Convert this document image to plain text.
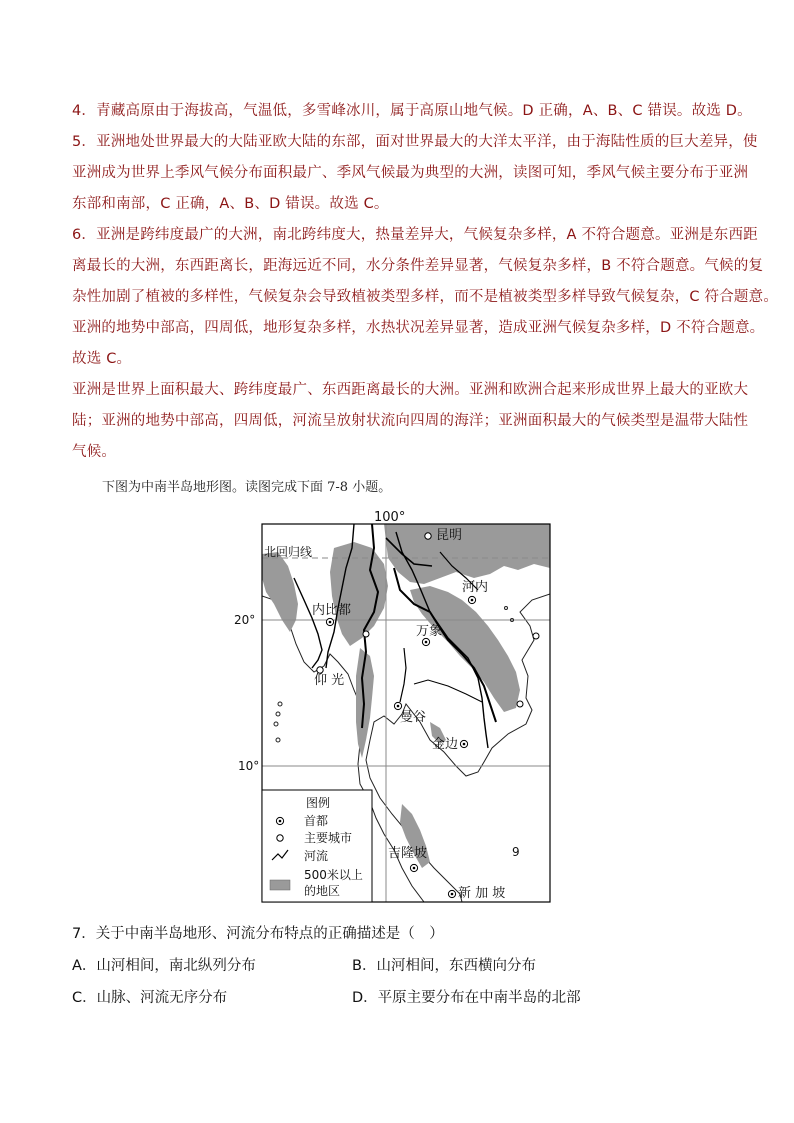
4．青藏高原由于海拔高，气温低，多雪峰冰川，属于高原山地气候。D 正确，A、B、C 错误。故选 D。
5．亚洲地处世界最大的大陆亚欧大陆的东部，面对世界最大的大洋太平洋，由于海陆性质的巨大差异，使
亚洲成为世界上季风气候分布面积最广、季风气候最为典型的大洲，读图可知，季风气候主要分布于亚洲
东部和南部，C 正确，A、B、D 错误。故选 C。
6．亚洲是跨纬度最广的大洲，南北跨纬度大，热量差异大，气候复杂多样，A 不符合题意。亚洲是东西距
离最长的大洲，东西距离长，距海远近不同，水分条件差异显著，气候复杂多样，B 不符合题意。气候的复
杂性加剧了植被的多样性，气候复杂会导致植被类型多样，而不是植被类型多样导致气候复杂，C 符合题意。
亚洲的地势中部高，四周低，地形复杂多样，水热状况差异显著，造成亚洲气候复杂多样，D 不符合题意。
故选 C。
亚洲是世界上面积最大、跨纬度最广、东西距离最长的大洲。亚洲和欧洲合起来形成世界上最大的亚欧大
陆；亚洲的地势中部高，四周低，河流呈放射状流向四周的海洋；亚洲面积最大的气候类型是温带大陆性
气候。
下图为中南半岛地形图。读图完成下面 7-8 小题。
100°
北回归线
20°
10°
昆明
河内
内比都
万象
仰 光
曼谷
金边
吉隆坡
新 加 坡
9
图例
首都
主要城市
河流
500米以上
的地区
7．关于中南半岛地形、河流分布特点的正确描述是（　）
A．山河相间，南北纵列分布	B．山河相间，东西横向分布
C．山脉、河流无序分布	D．平原主要分布在中南半岛的北部
